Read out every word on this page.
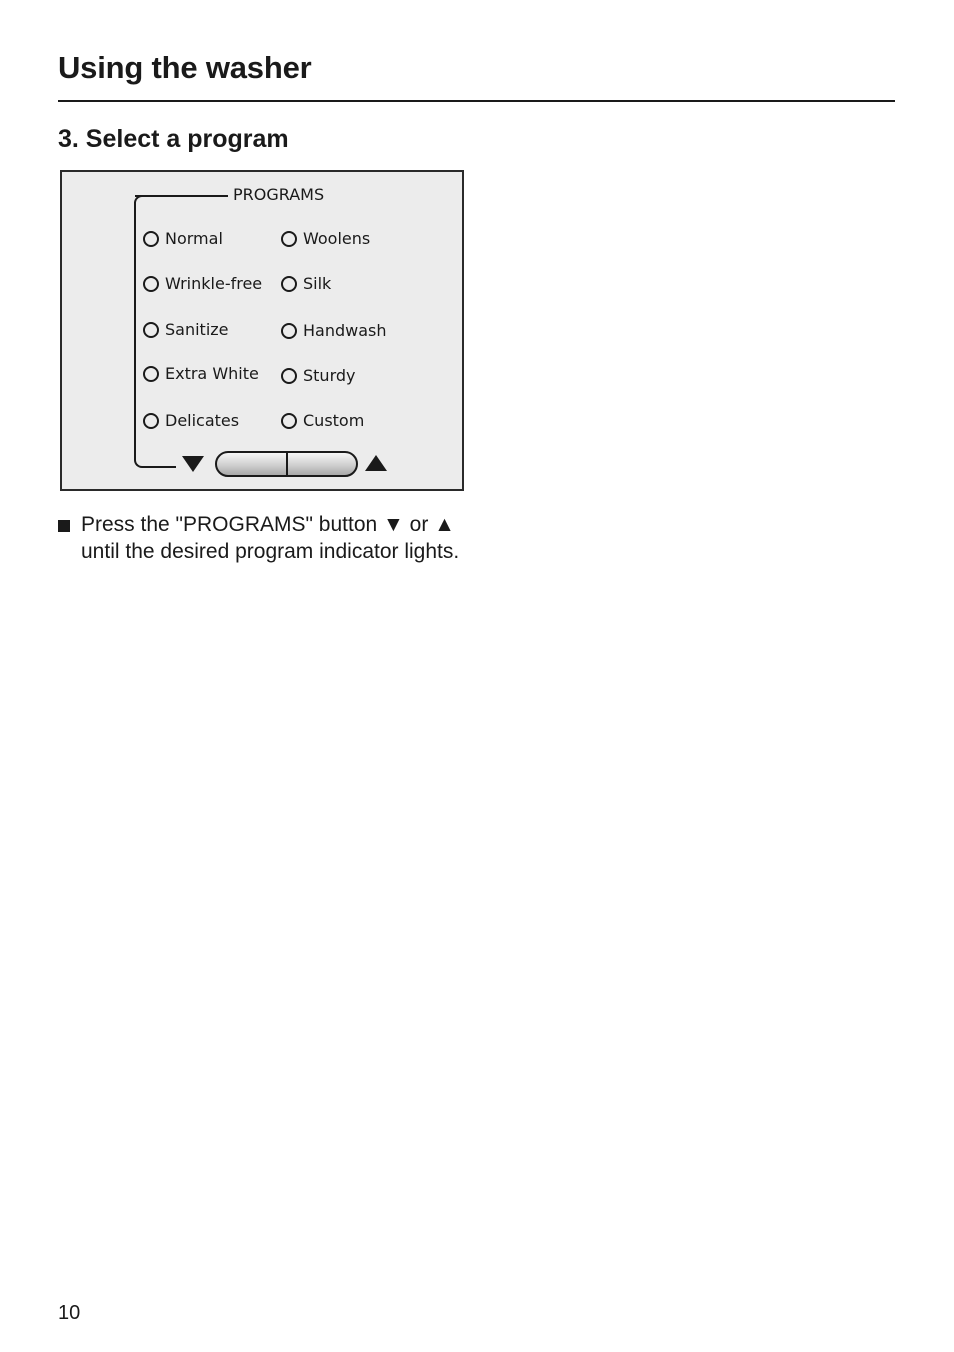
Using the washer
3. Select a program
PROGRAMS
Normal
Wrinkle-free
Sanitize
Extra White
Delicates
Woolens
Silk
Handwash
Sturdy
Custom
Press the "PROGRAMS" button ▼ or ▲ until the desired program indicator lights.
10
